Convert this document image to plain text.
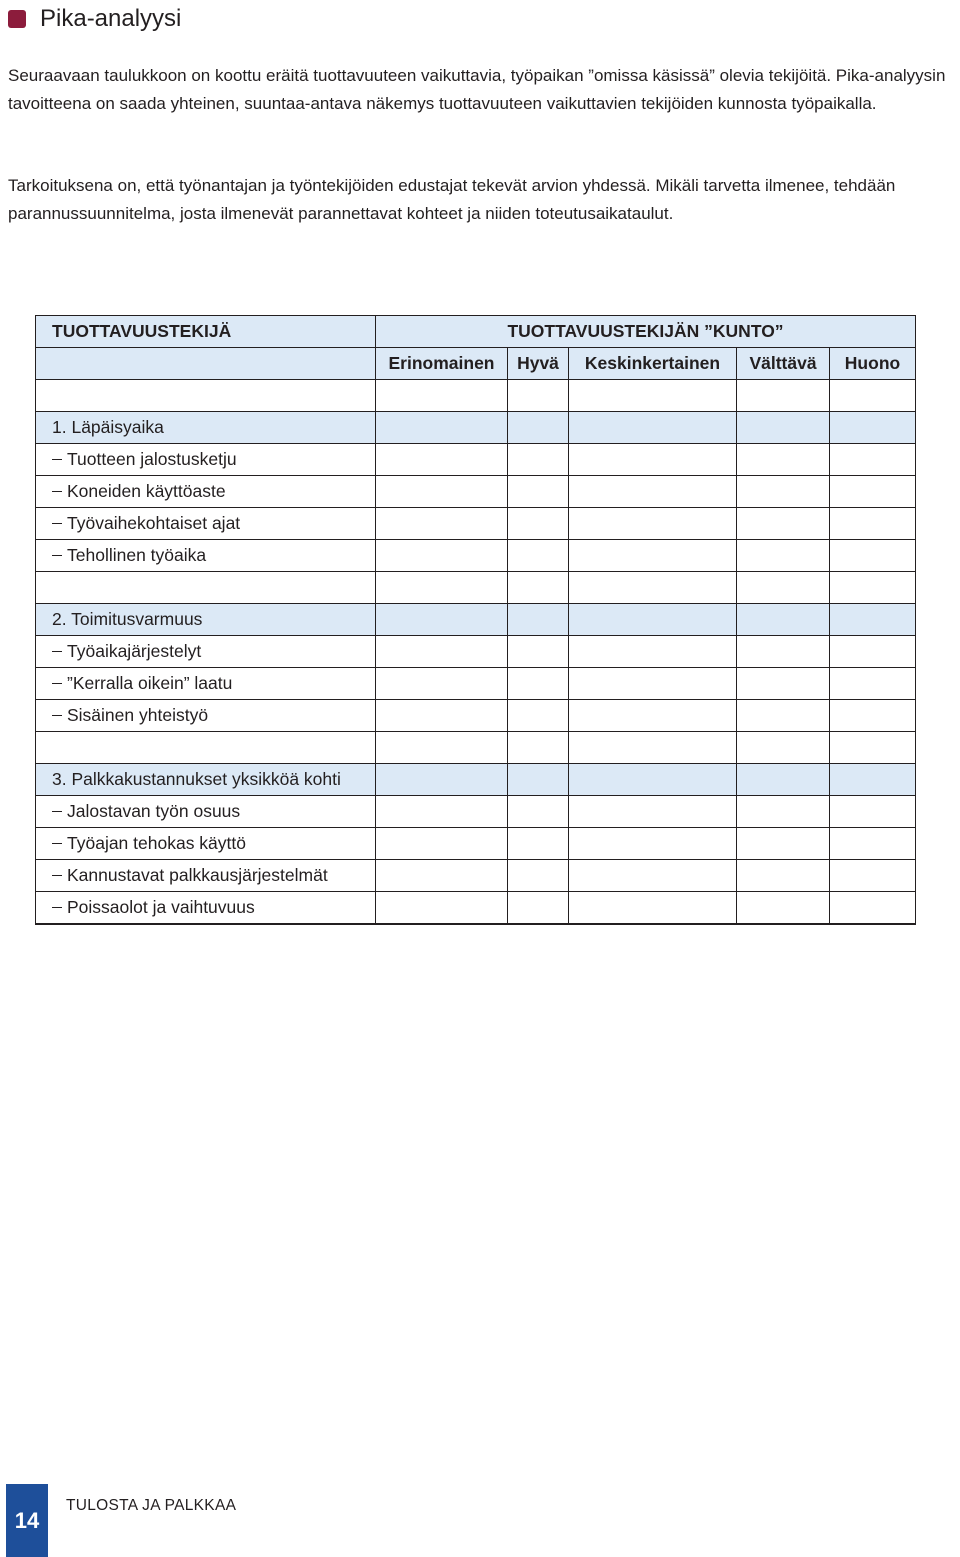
Pika-analyysi

Seuraavaan taulukkoon on koottu eräitä tuottavuuteen vaikuttavia, työpaikan ”omissa käsissä” olevia tekijöitä. Pika-analyysin tavoitteena on saada yhteinen, suuntaa-antava näkemys tuottavuuteen vaikuttavien tekijöiden kunnosta työpaikalla.

Tarkoituksena on, että työnantajan ja työntekijöiden edustajat tekevät arvion yhdessä. Mikäli tarvetta ilmenee, tehdään parannussuunnitelma, josta ilmenevät parannettavat kohteet ja niiden toteutusaikataulut.

TUOTTAVUUSTEKIJÄ	TUOTTAVUUSTEKIJÄN ”KUNTO”				
	Erinomainen	Hyvä	Keskinkertainen	Välttävä	Huono

1. Läpäisyaika					
Tuotteen jalostusketju					
Koneiden käyttöaste					
Työvaihekohtaiset ajat					
Tehollinen työaika					

2. Toimitusvarmuus					
Työaikajärjestelyt					
”Kerralla oikein” laatu					
Sisäinen yhteistyö					

3. Palkkakustannukset yksikköä kohti					
Jalostavan työn osuus					
Työajan tehokas käyttö					
Kannustavat palkkausjärjestelmät					
Poissaolot ja vaihtuvuus					
14
TULOSTA JA PALKKAA
